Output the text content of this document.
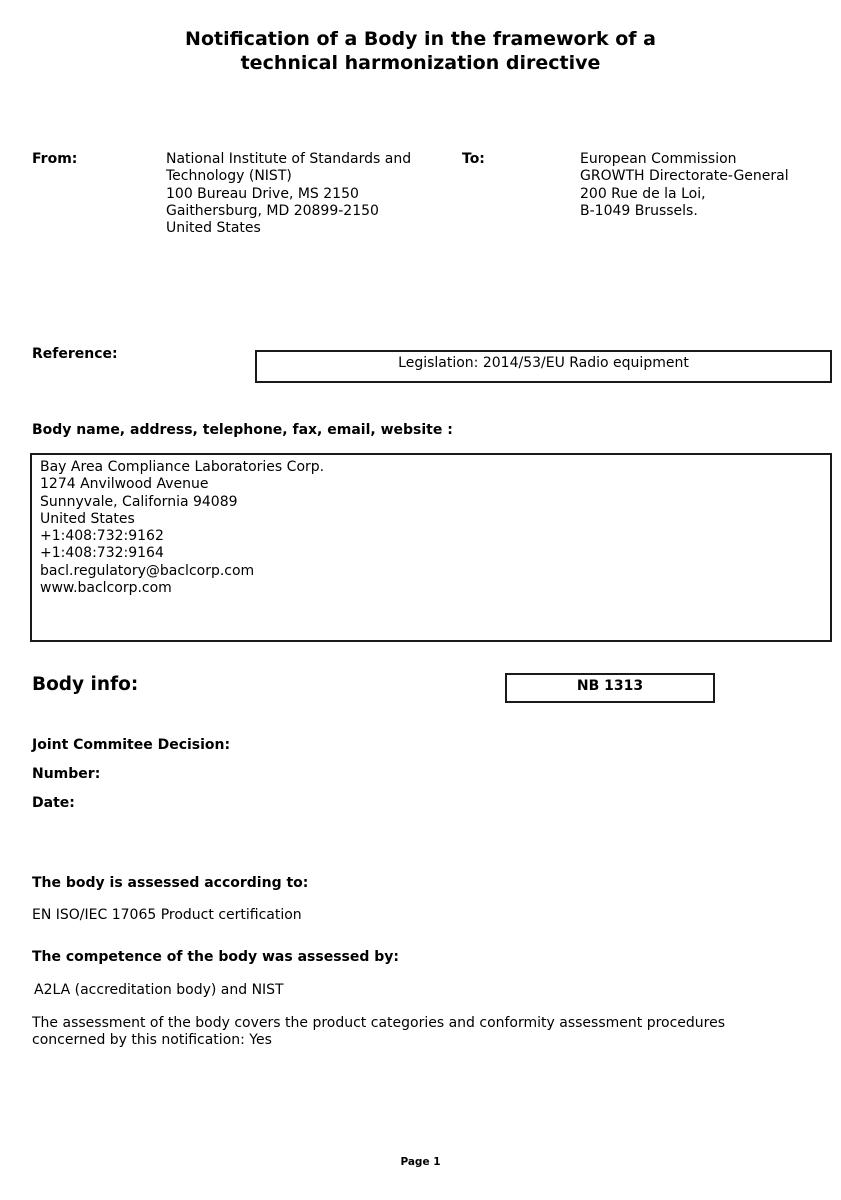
Notification of a Body in the framework of a
technical harmonization directive
From:	National Institute of Standards and
Technology (NIST)
100 Bureau Drive, MS 2150
Gaithersburg, MD 20899-2150
United States
To:	European Commission
GROWTH Directorate-General
200 Rue de la Loi,
B-1049 Brussels.
Reference:
Legislation: 2014/53/EU Radio equipment
Body name, address, telephone, fax, email, website :
Bay Area Compliance Laboratories Corp.
1274 Anvilwood Avenue
Sunnyvale, California 94089
United States
+1:408:732:9162
+1:408:732:9164
bacl.regulatory@baclcorp.com
www.baclcorp.com
Body info:	NB 1313
Joint Commitee Decision:
Number:
Date:
The body is assessed according to:
EN ISO/IEC 17065 Product certification
The competence of the body was assessed by:
A2LA (accreditation body) and NIST
The assessment of the body covers the product categories and conformity assessment procedures concerned by this notification: Yes
Page 1
